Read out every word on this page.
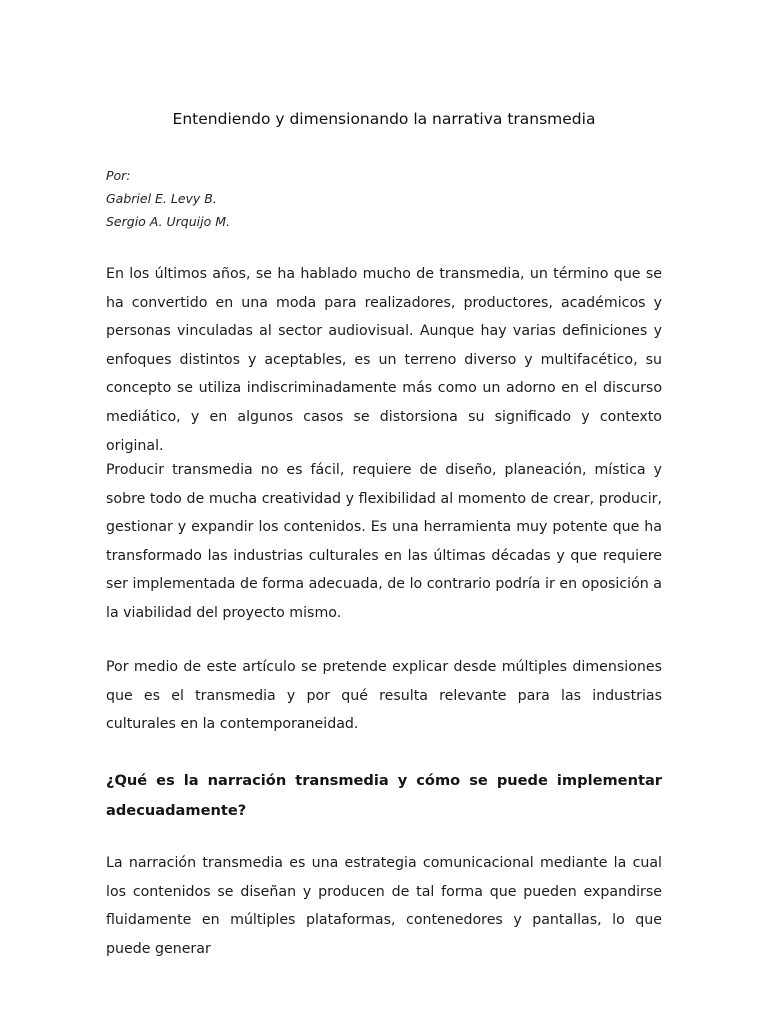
Entendiendo y dimensionando la narrativa transmedia
Por:
Gabriel E. Levy B.
Sergio A. Urquijo M.

En los últimos años, se ha hablado mucho de transmedia, un término que se ha convertido en una moda para realizadores, productores, académicos y personas vinculadas al sector audiovisual. Aunque hay varias definiciones y enfoques distintos y aceptables, es un terreno diverso y multifacético, su concepto se utiliza indiscriminadamente más como un adorno en el discurso mediático, y en algunos casos se distorsiona su significado y contexto original.

Producir transmedia no es fácil, requiere de diseño, planeación, mística y sobre todo de mucha creatividad y flexibilidad al momento de crear, producir, gestionar y expandir los contenidos. Es una herramienta muy potente que ha transformado las industrias culturales en las últimas décadas y que requiere ser implementada de forma adecuada, de lo contrario podría ir en oposición a la viabilidad del proyecto mismo.

Por medio de este artículo se pretende explicar desde múltiples dimensiones que es el transmedia y por qué resulta relevante para las industrias culturales en la contemporaneidad.

¿Qué es la narración transmedia y cómo se puede implementar adecuadamente?

La narración transmedia es una estrategia comunicacional mediante la cual los contenidos se diseñan y producen de tal forma que pueden expandirse fluidamente en múltiples plataformas, contenedores y pantallas, lo que puede generar
